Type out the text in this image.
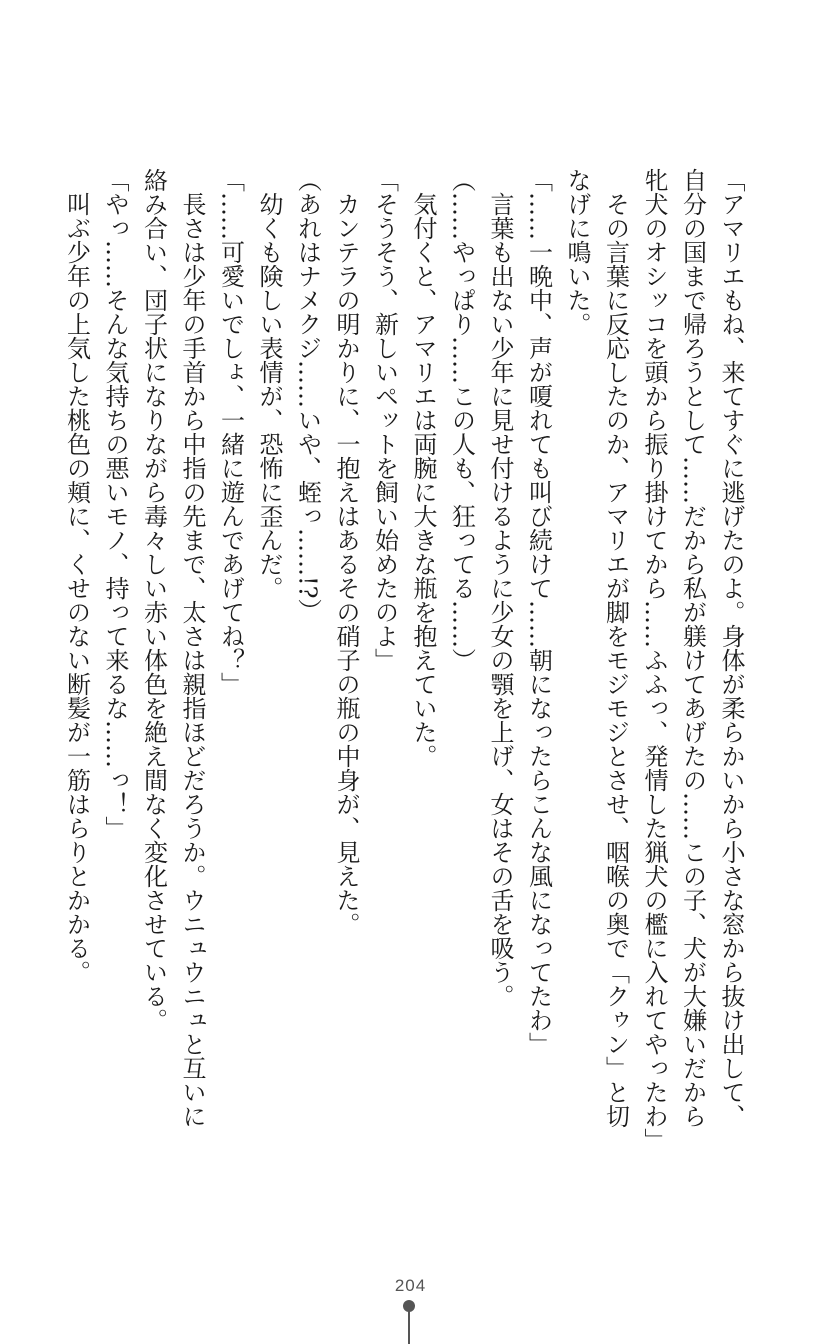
「アマリエもね、来てすぐに逃げたのよ。身体が柔らかいから小さな窓から抜け出して、

自分の国まで帰ろうとして……だから私が躾けてあげたの……この子、犬が大嫌いだから

牝犬のオシッコを頭から振り掛けてから……ふふっ、発情した猟犬の檻に入れてやったわ」

　その言葉に反応したのか、アマリエが脚をモジモジとさせ、咽喉の奥で「クゥン」と切

なげに鳴いた。

「……一晩中、声が嗄れても叫び続けて……朝になったらこんな風になってたわ」

　言葉も出ない少年に見せ付けるように少女の顎を上げ、女はその舌を吸う。

（……やっぱり……この人も、狂ってる……）

　気付くと、アマリエは両腕に大きな瓶を抱えていた。

「そうそう、新しいペットを飼い始めたのよ」

　カンテラの明かりに、一抱えはあるその硝子の瓶の中身が、見えた。

（あれはナメクジ……いや、蛭っ……!?）

　幼くも険しい表情が、恐怖に歪んだ。

「……可愛いでしょ、一緒に遊んであげてね？」

　長さは少年の手首から中指の先まで、太さは親指ほどだろうか。ウニュウニュと互いに

絡み合い、団子状になりながら毒々しい赤い体色を絶え間なく変化させている。

「やっ……そんな気持ちの悪いモノ、持って来るな……っ！」

　叫ぶ少年の上気した桃色の頬に、くせのない断髪が一筋はらりとかかる。

204
